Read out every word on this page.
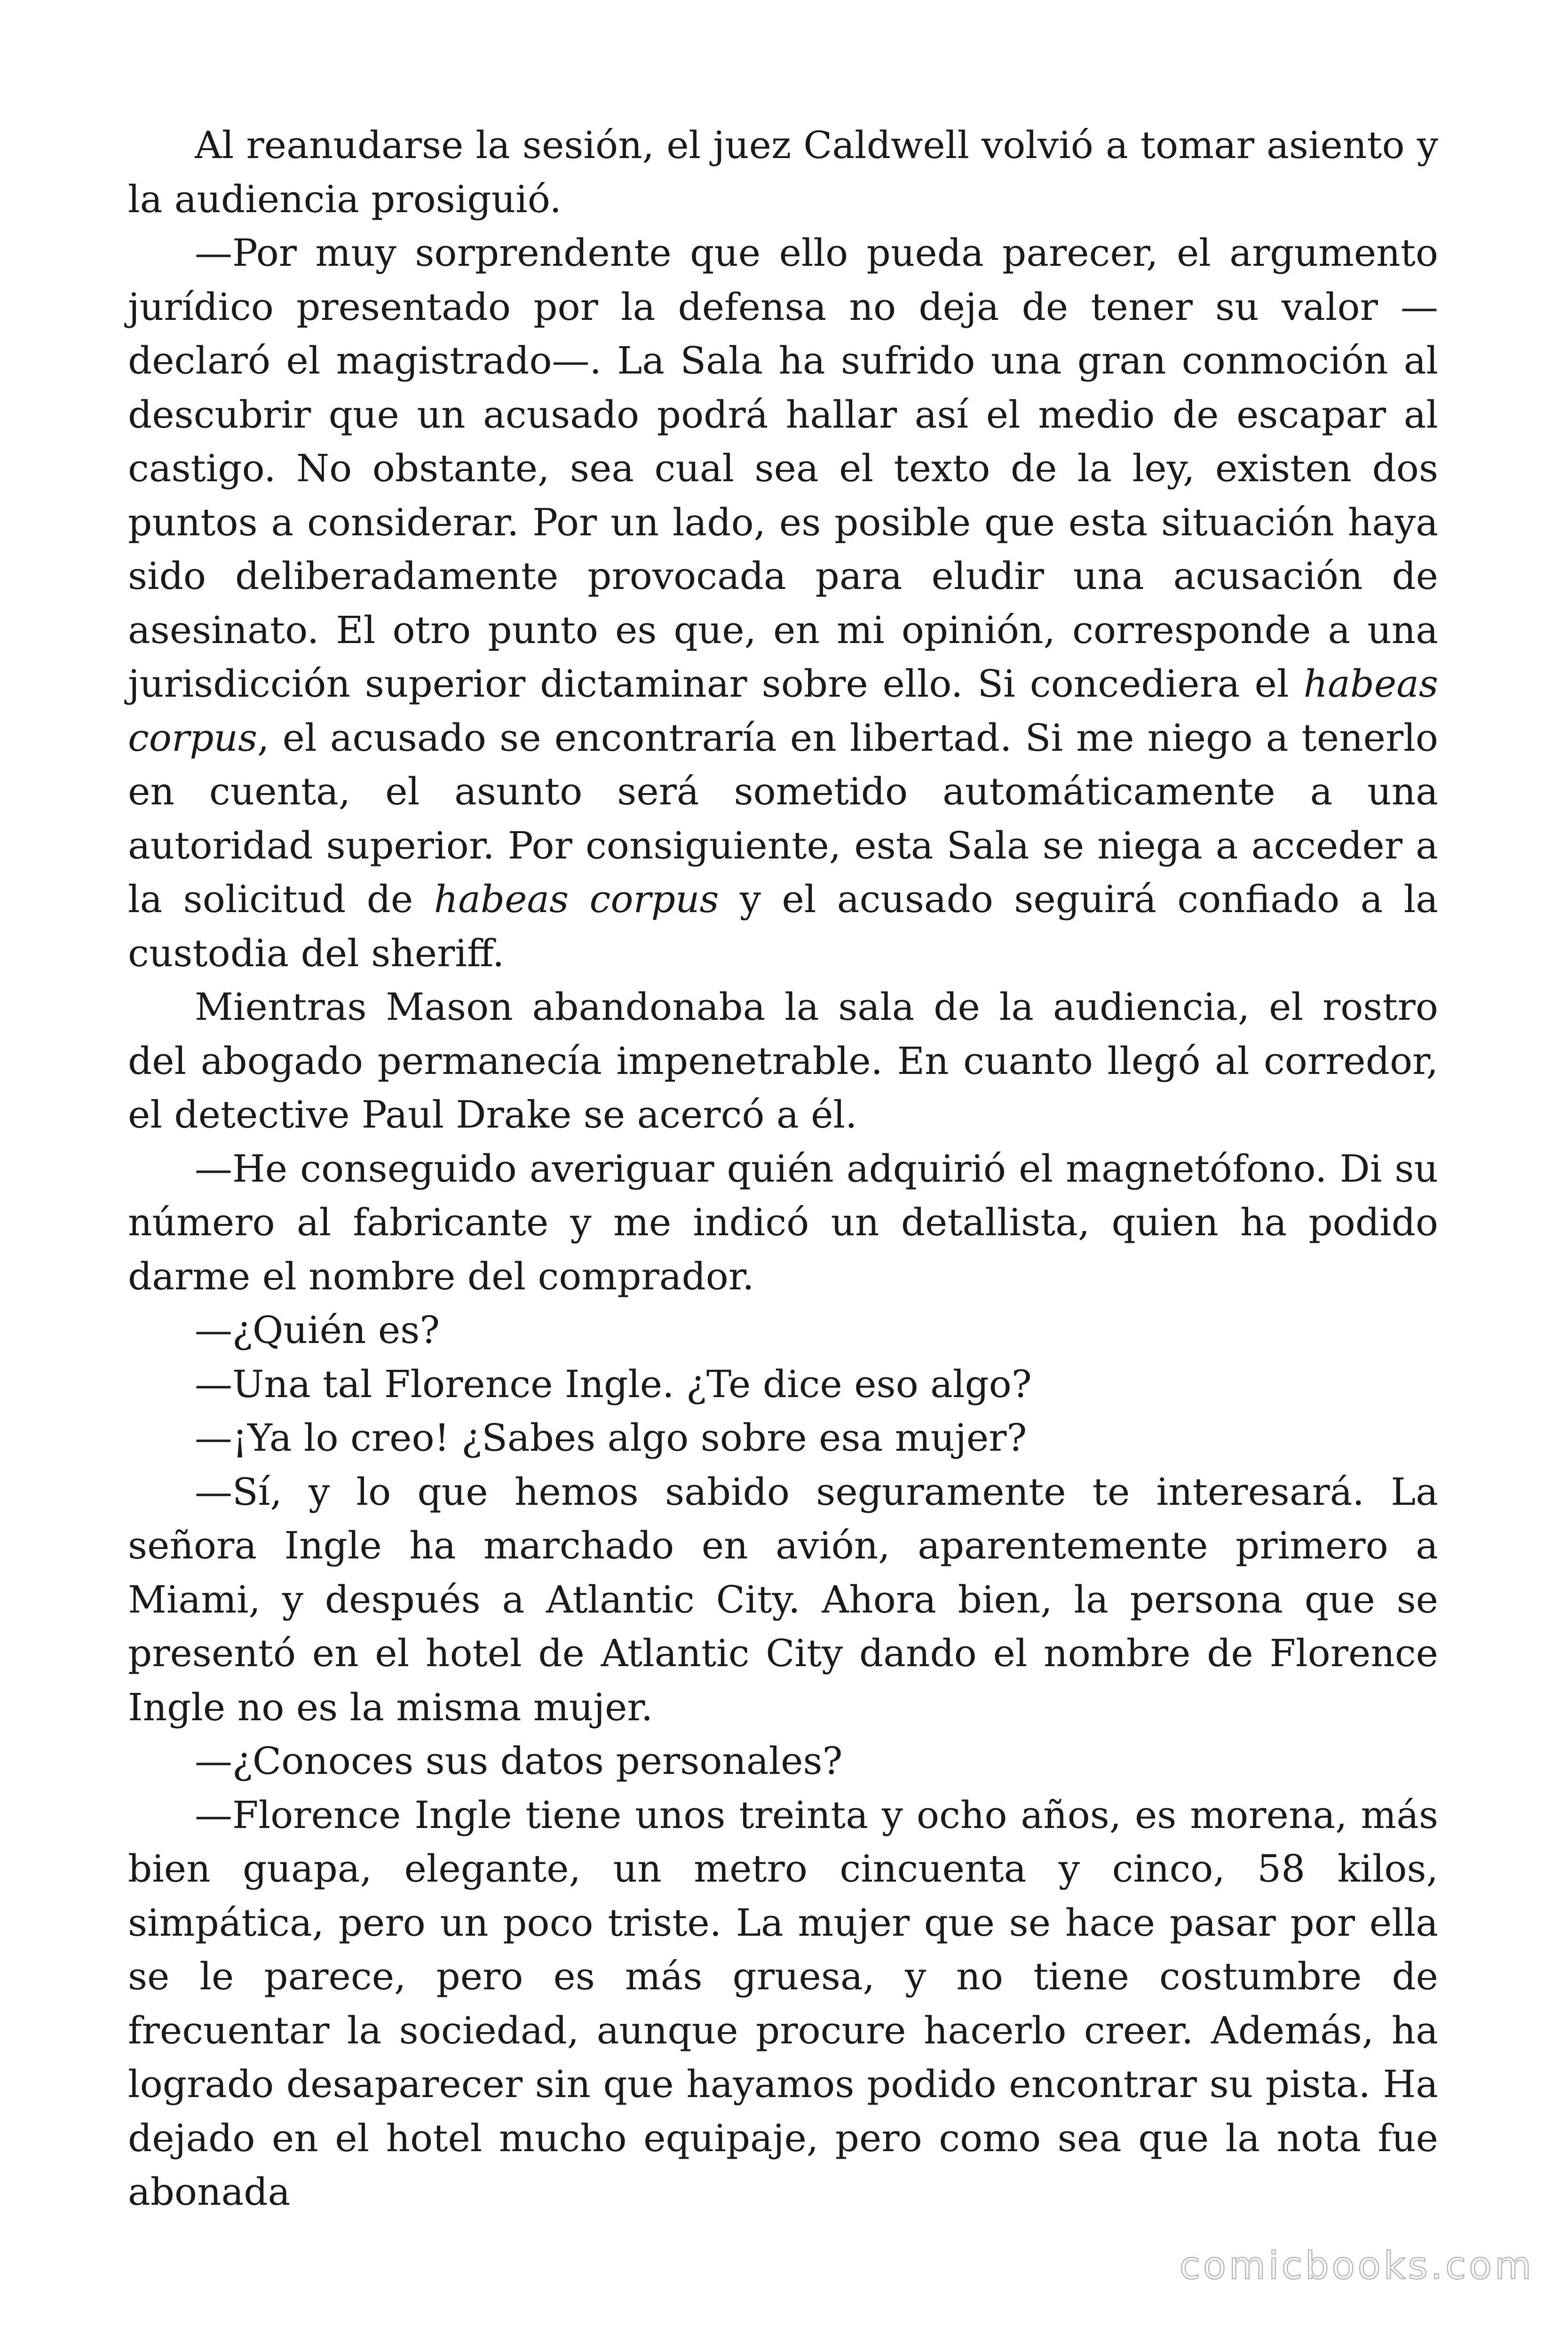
Al reanudarse la sesión, el juez Caldwell volvió a tomar asiento y la audiencia prosiguió.

—Por muy sorprendente que ello pueda parecer, el argumento jurídico presentado por la defensa no deja de tener su valor —declaró el magistrado—. La Sala ha sufrido una gran conmoción al descubrir que un acusado podrá hallar así el medio de escapar al castigo. No obstante, sea cual sea el texto de la ley, existen dos puntos a considerar. Por un lado, es posible que esta situación haya sido deliberadamente provocada para eludir una acusación de asesinato. El otro punto es que, en mi opinión, corresponde a una jurisdicción superior dictaminar sobre ello. Si concediera el habeas corpus, el acusado se encontraría en libertad. Si me niego a tenerlo en cuenta, el asunto será sometido automáticamente a una autoridad superior. Por consiguiente, esta Sala se niega a acceder a la solicitud de habeas corpus y el acusado seguirá confiado a la custodia del sheriff.

Mientras Mason abandonaba la sala de la audiencia, el rostro del abogado permanecía impenetrable. En cuanto llegó al corredor, el detective Paul Drake se acercó a él.

—He conseguido averiguar quién adquirió el magnetófono. Di su número al fabricante y me indicó un detallista, quien ha podido darme el nombre del comprador.

—¿Quién es?

—Una tal Florence Ingle. ¿Te dice eso algo?

—¡Ya lo creo! ¿Sabes algo sobre esa mujer?

—Sí, y lo que hemos sabido seguramente te interesará. La señora Ingle ha marchado en avión, aparentemente primero a Miami, y después a Atlantic City. Ahora bien, la persona que se presentó en el hotel de Atlantic City dando el nombre de Florence Ingle no es la misma mujer.

—¿Conoces sus datos personales?

—Florence Ingle tiene unos treinta y ocho años, es morena, más bien guapa, elegante, un metro cincuenta y cinco, 58 kilos, simpática, pero un poco triste. La mujer que se hace pasar por ella se le parece, pero es más gruesa, y no tiene costumbre de frecuentar la sociedad, aunque procure hacerlo creer. Además, ha logrado desaparecer sin que hayamos podido encontrar su pista. Ha dejado en el hotel mucho equipaje, pero como sea que la nota fue abonada

comicbooks.com
